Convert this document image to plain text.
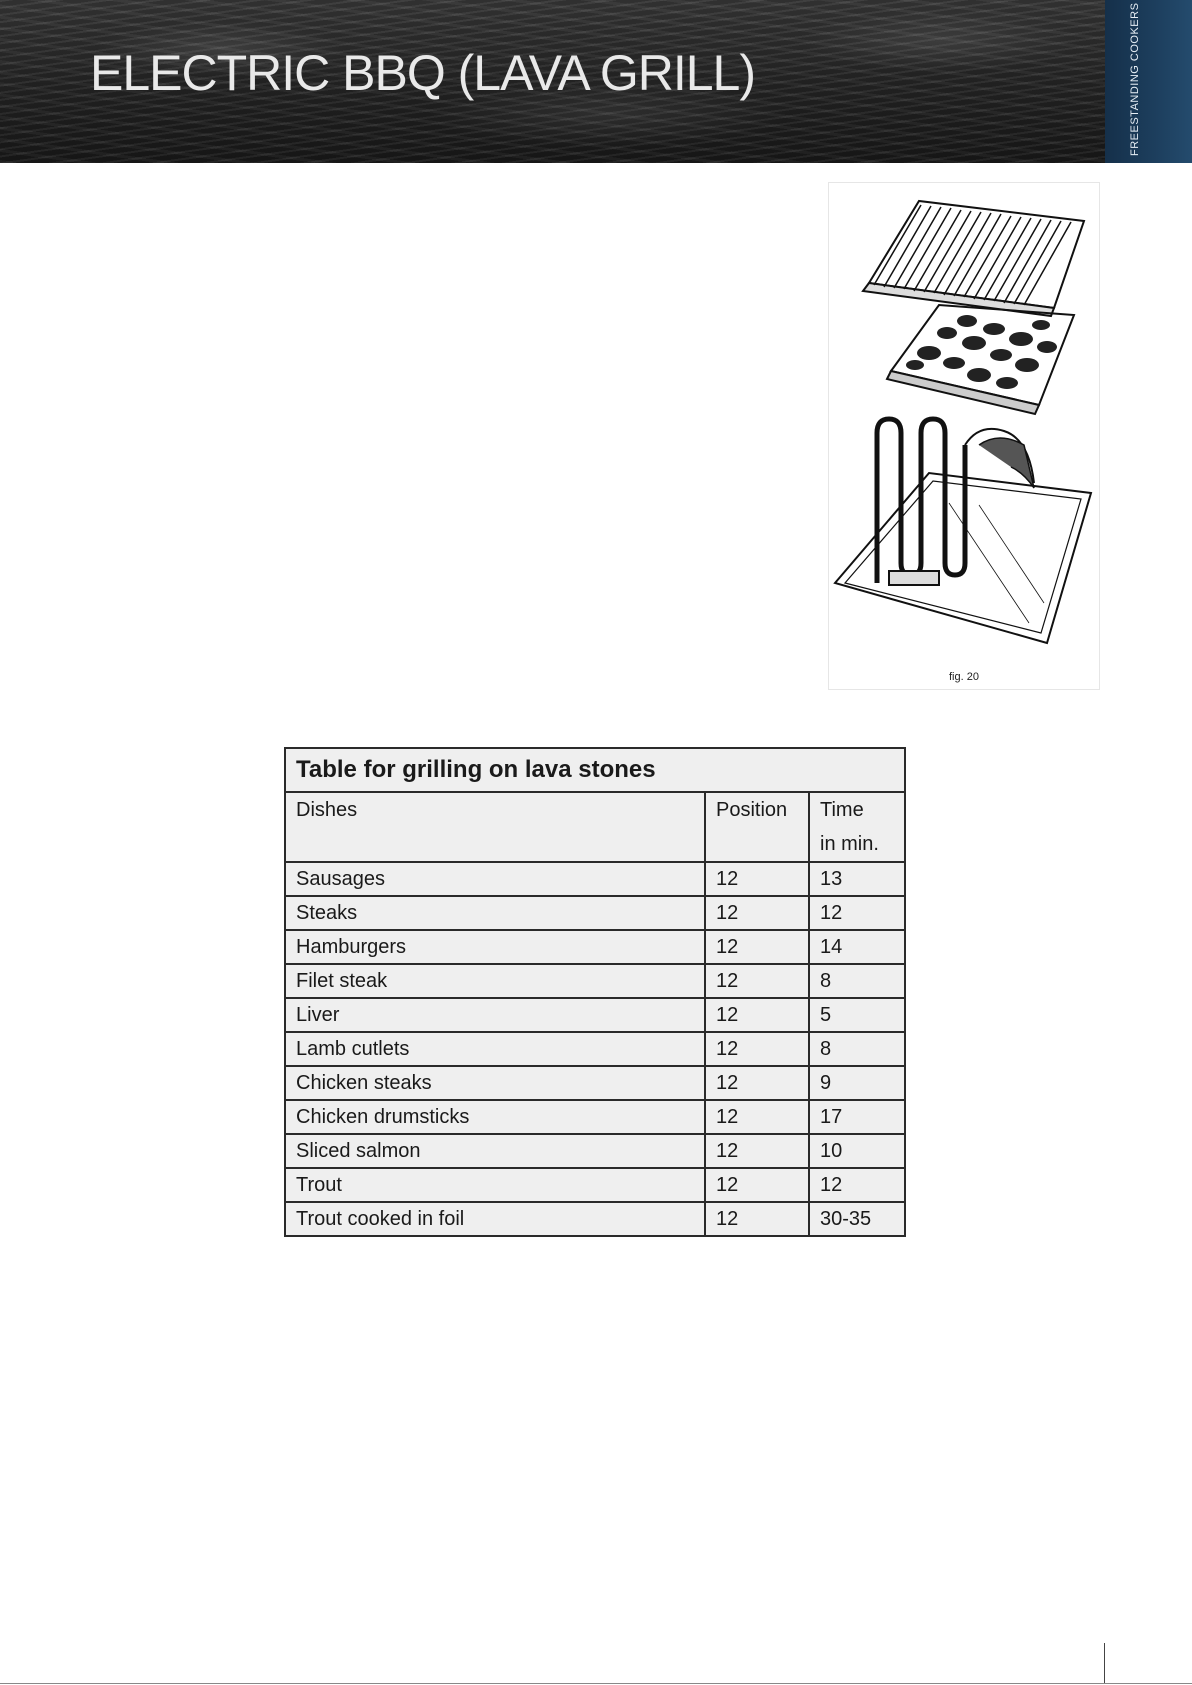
ELECTRIC BBQ (LAVA GRILL)
fig. 20
Table for grilling on lava stones		
Dishes	Position	Time
in min.
Sausages	12	13
Steaks	12	12
Hamburgers	12	14
Filet steak	12	8
Liver	12	5
Lamb cutlets	12	8
Chicken steaks	12	9
Chicken drumsticks	12	17
Sliced salmon	12	10
Trout	12	12
Trout cooked in foil	12	30-35
